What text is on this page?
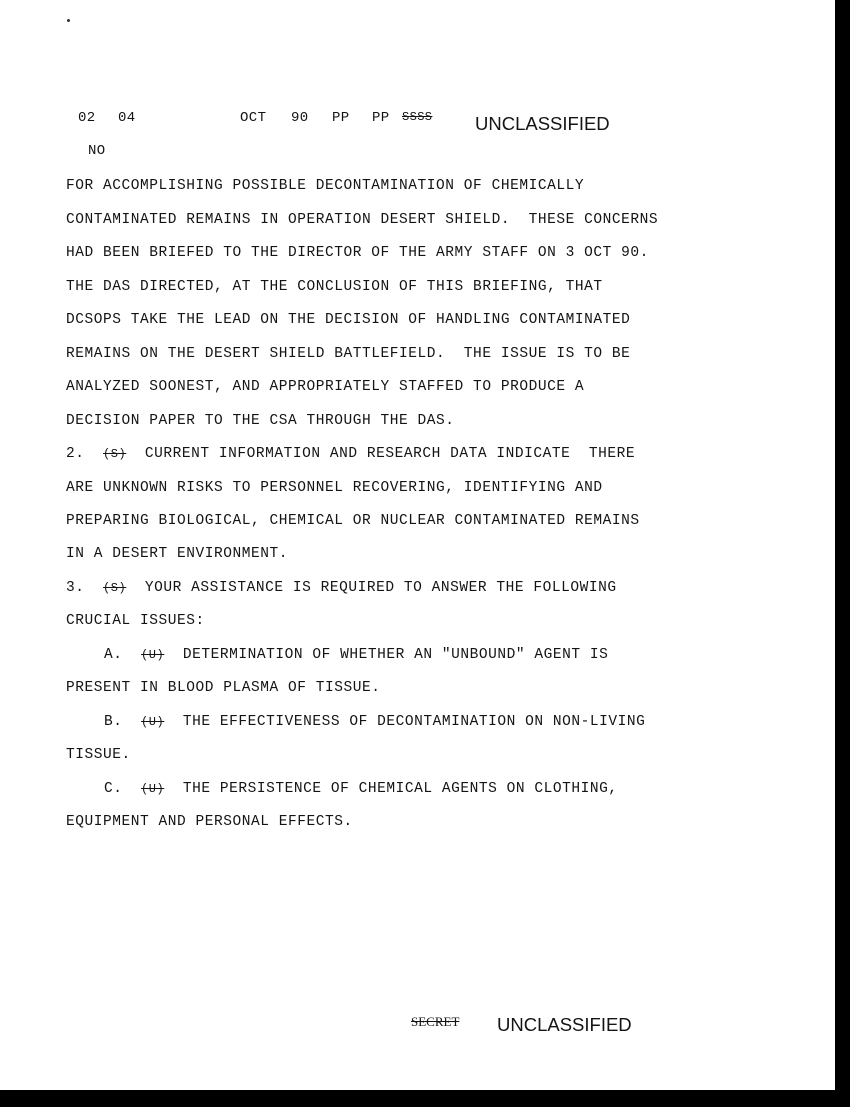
02 04	OCT 90 PP PP SSSS UNCLASSIFIED
NO

FOR ACCOMPLISHING POSSIBLE DECONTAMINATION OF CHEMICALLY

CONTAMINATED REMAINS IN OPERATION DESERT SHIELD.  THESE CONCERNS

HAD BEEN BRIEFED TO THE DIRECTOR OF THE ARMY STAFF ON 3 OCT 90.

THE DAS DIRECTED, AT THE CONCLUSION OF THIS BRIEFING, THAT

DCSOPS TAKE THE LEAD ON THE DECISION OF HANDLING CONTAMINATED

REMAINS ON THE DESERT SHIELD BATTLEFIELD.  THE ISSUE IS TO BE

ANALYZED SOONEST, AND APPROPRIATELY STAFFED TO PRODUCE A

DECISION PAPER TO THE CSA THROUGH THE DAS.

2. (S) CURRENT INFORMATION AND RESEARCH DATA INDICATE  THERE

ARE UNKNOWN RISKS TO PERSONNEL RECOVERING, IDENTIFYING AND

PREPARING BIOLOGICAL, CHEMICAL OR NUCLEAR CONTAMINATED REMAINS

IN A DESERT ENVIRONMENT.

3. (S) YOUR ASSISTANCE IS REQUIRED TO ANSWER THE FOLLOWING

CRUCIAL ISSUES:

A. (U) DETERMINATION OF WHETHER AN "UNBOUND" AGENT IS

PRESENT IN BLOOD PLASMA OF TISSUE.

B. (U) THE EFFECTIVENESS OF DECONTAMINATION ON NON-LIVING

TISSUE.

C. (U) THE PERSISTENCE OF CHEMICAL AGENTS ON CLOTHING,

EQUIPMENT AND PERSONAL EFFECTS.

SECRET UNCLASSIFIED
